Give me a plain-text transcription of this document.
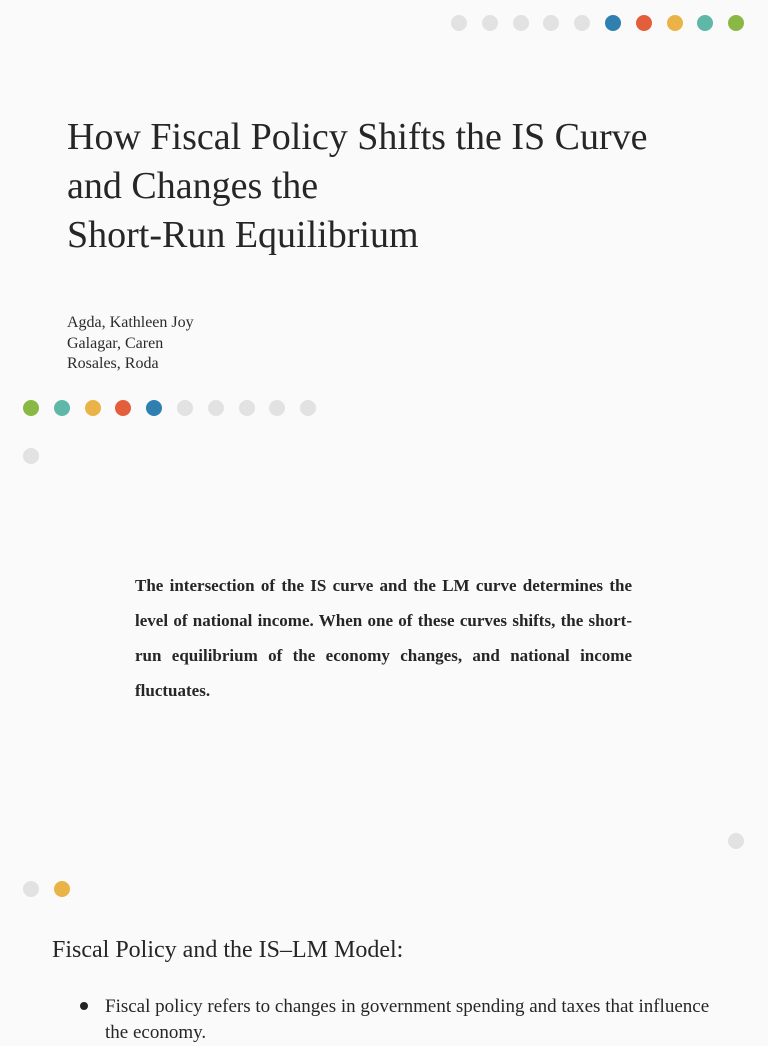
How Fiscal Policy Shifts the IS Curve
and Changes the
Short-Run Equilibrium
Agda, Kathleen Joy
Galagar, Caren
Rosales, Roda

The intersection of the IS curve and the LM curve determines the level of national income. When one of these curves shifts, the short-run equilibrium of the economy changes, and national income fluctuates.

Fiscal Policy and the IS–LM Model:
Fiscal policy refers to changes in government spending and taxes that influence the economy.
